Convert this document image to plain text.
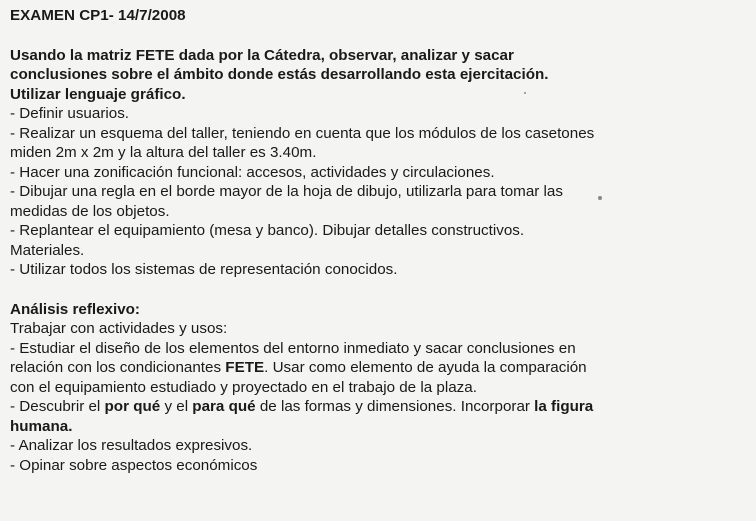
EXAMEN CP1- 14/7/2008
Usando la matriz FETE dada por la Cátedra, observar, analizar y sacar
conclusiones sobre el ámbito donde estás desarrollando esta ejercitación.
Utilizar lenguaje gráfico.
- Definir usuarios.
- Realizar un esquema del taller, teniendo en cuenta que los módulos de los casetones
miden 2m x 2m y la altura del taller es 3.40m.
- Hacer una zonificación funcional: accesos, actividades y circulaciones.
- Dibujar una regla en el borde mayor de la hoja de dibujo, utilizarla para tomar las
medidas de los objetos.
- Replantear el equipamiento (mesa y banco). Dibujar detalles constructivos.
Materiales.
- Utilizar todos los sistemas de representación conocidos.
Análisis reflexivo:
Trabajar con actividades y usos:
- Estudiar el diseño de los elementos del entorno inmediato y sacar conclusiones en
relación con los condicionantes FETE. Usar como elemento de ayuda la comparación
con el equipamiento estudiado y proyectado en el trabajo de la plaza.
- Descubrir el por qué y el para qué de las formas y dimensiones. Incorporar la figura
humana.
- Analizar los resultados expresivos.
- Opinar sobre aspectos económicos
